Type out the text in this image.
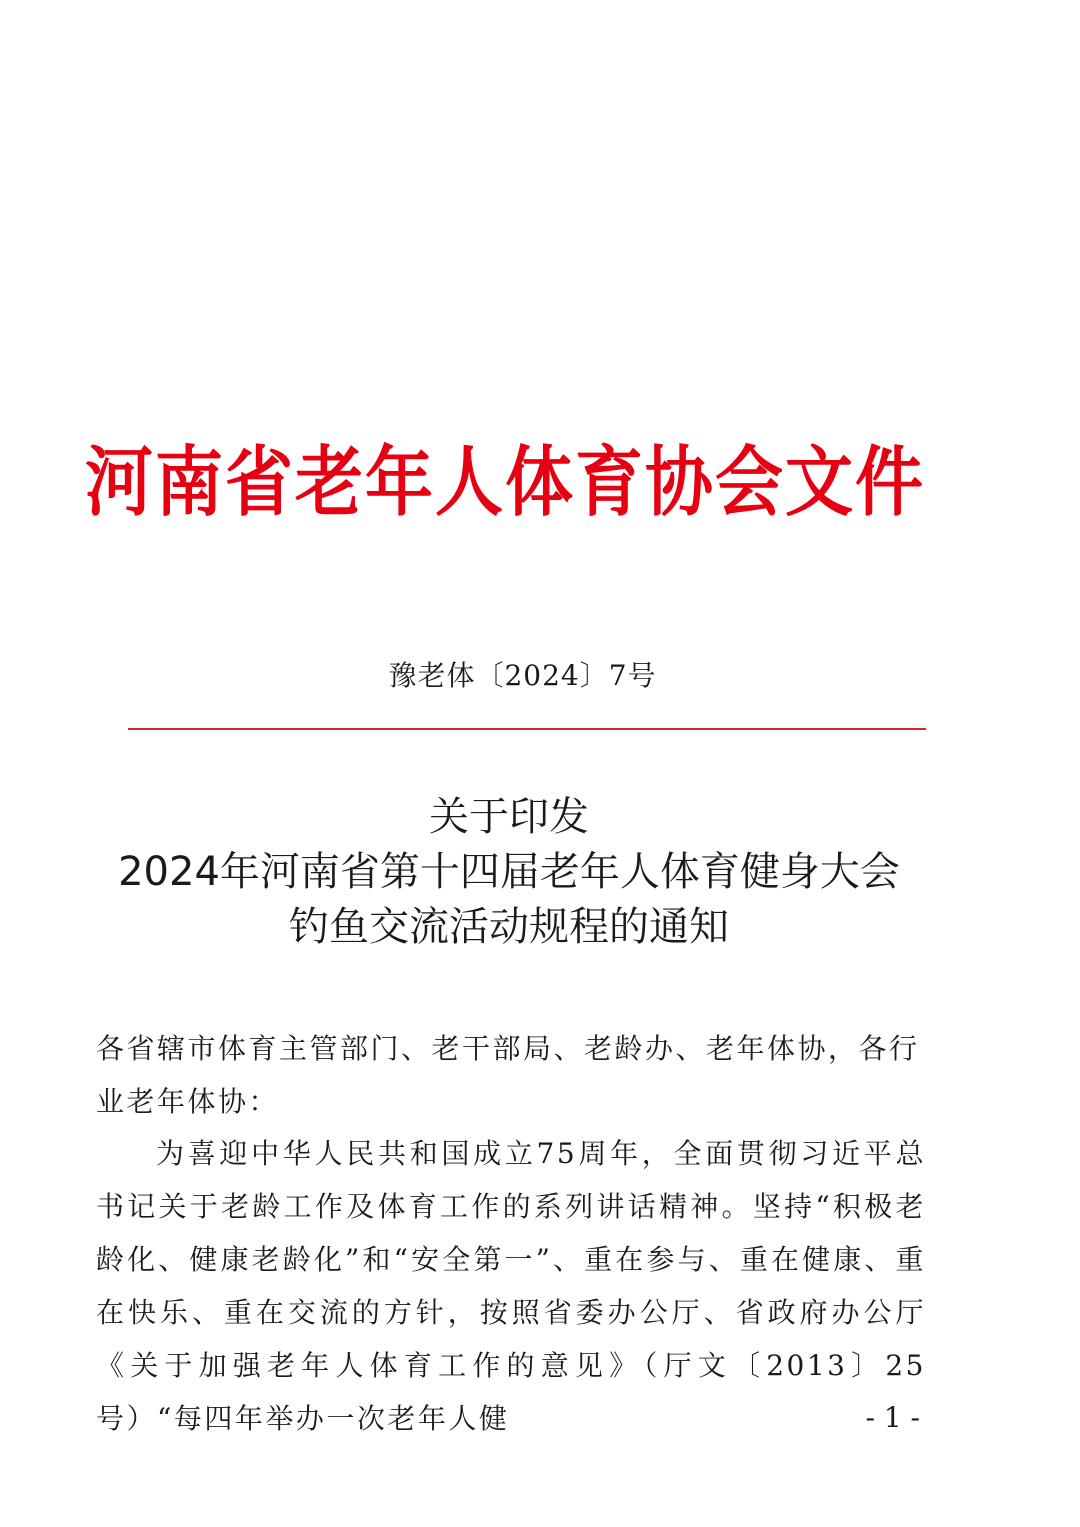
河南省老年人体育协会文件
豫老体〔2024〕7号
关于印发
2024年河南省第十四届老年人体育健身大会
钓鱼交流活动规程的通知
各省辖市体育主管部门、老干部局、老龄办、老年体协，各行业老年体协：
为喜迎中华人民共和国成立75周年，全面贯彻习近平总书记关于老龄工作及体育工作的系列讲话精神。坚持“积极老龄化、健康老龄化”和“安全第一”、重在参与、重在健康、重在快乐、重在交流的方针，按照省委办公厅、省政府办公厅《关于加强老年人体育工作的意见》（厅文〔2013〕25号）“每四年举办一次老年人健	- 1 -
